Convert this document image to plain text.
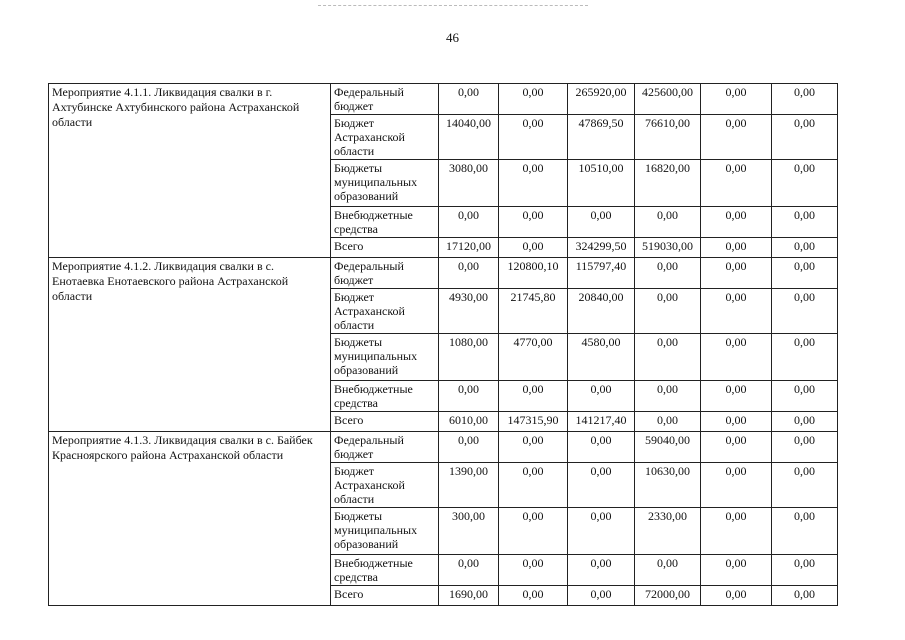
46
Мероприятие 4.1.1. Ликвидация свалки в г. Ахтубинске Ахтубинского района Астраханской области	Федеральный бюджет	0,00	0,00	265920,00	425600,00	0,00	0,00
	Бюджет Астраханской области	14040,00	0,00	47869,50	76610,00	0,00	0,00
	Бюджеты муниципальных образований	3080,00	0,00	10510,00	16820,00	0,00	0,00
	Внебюджетные средства	0,00	0,00	0,00	0,00	0,00	0,00
	Всего	17120,00	0,00	324299,50	519030,00	0,00	0,00
Мероприятие 4.1.2. Ликвидация свалки в с. Енотаевка Енотаевского района Астраханской области	Федеральный бюджет	0,00	120800,10	115797,40	0,00	0,00	0,00
	Бюджет Астраханской области	4930,00	21745,80	20840,00	0,00	0,00	0,00
	Бюджеты муниципальных образований	1080,00	4770,00	4580,00	0,00	0,00	0,00
	Внебюджетные средства	0,00	0,00	0,00	0,00	0,00	0,00
	Всего	6010,00	147315,90	141217,40	0,00	0,00	0,00
Мероприятие 4.1.3. Ликвидация свалки в с. Байбек Красноярского района Астраханской области	Федеральный бюджет	0,00	0,00	0,00	59040,00	0,00	0,00
	Бюджет Астраханской области	1390,00	0,00	0,00	10630,00	0,00	0,00
	Бюджеты муниципальных образований	300,00	0,00	0,00	2330,00	0,00	0,00
	Внебюджетные средства	0,00	0,00	0,00	0,00	0,00	0,00
	Всего	1690,00	0,00	0,00	72000,00	0,00	0,00
